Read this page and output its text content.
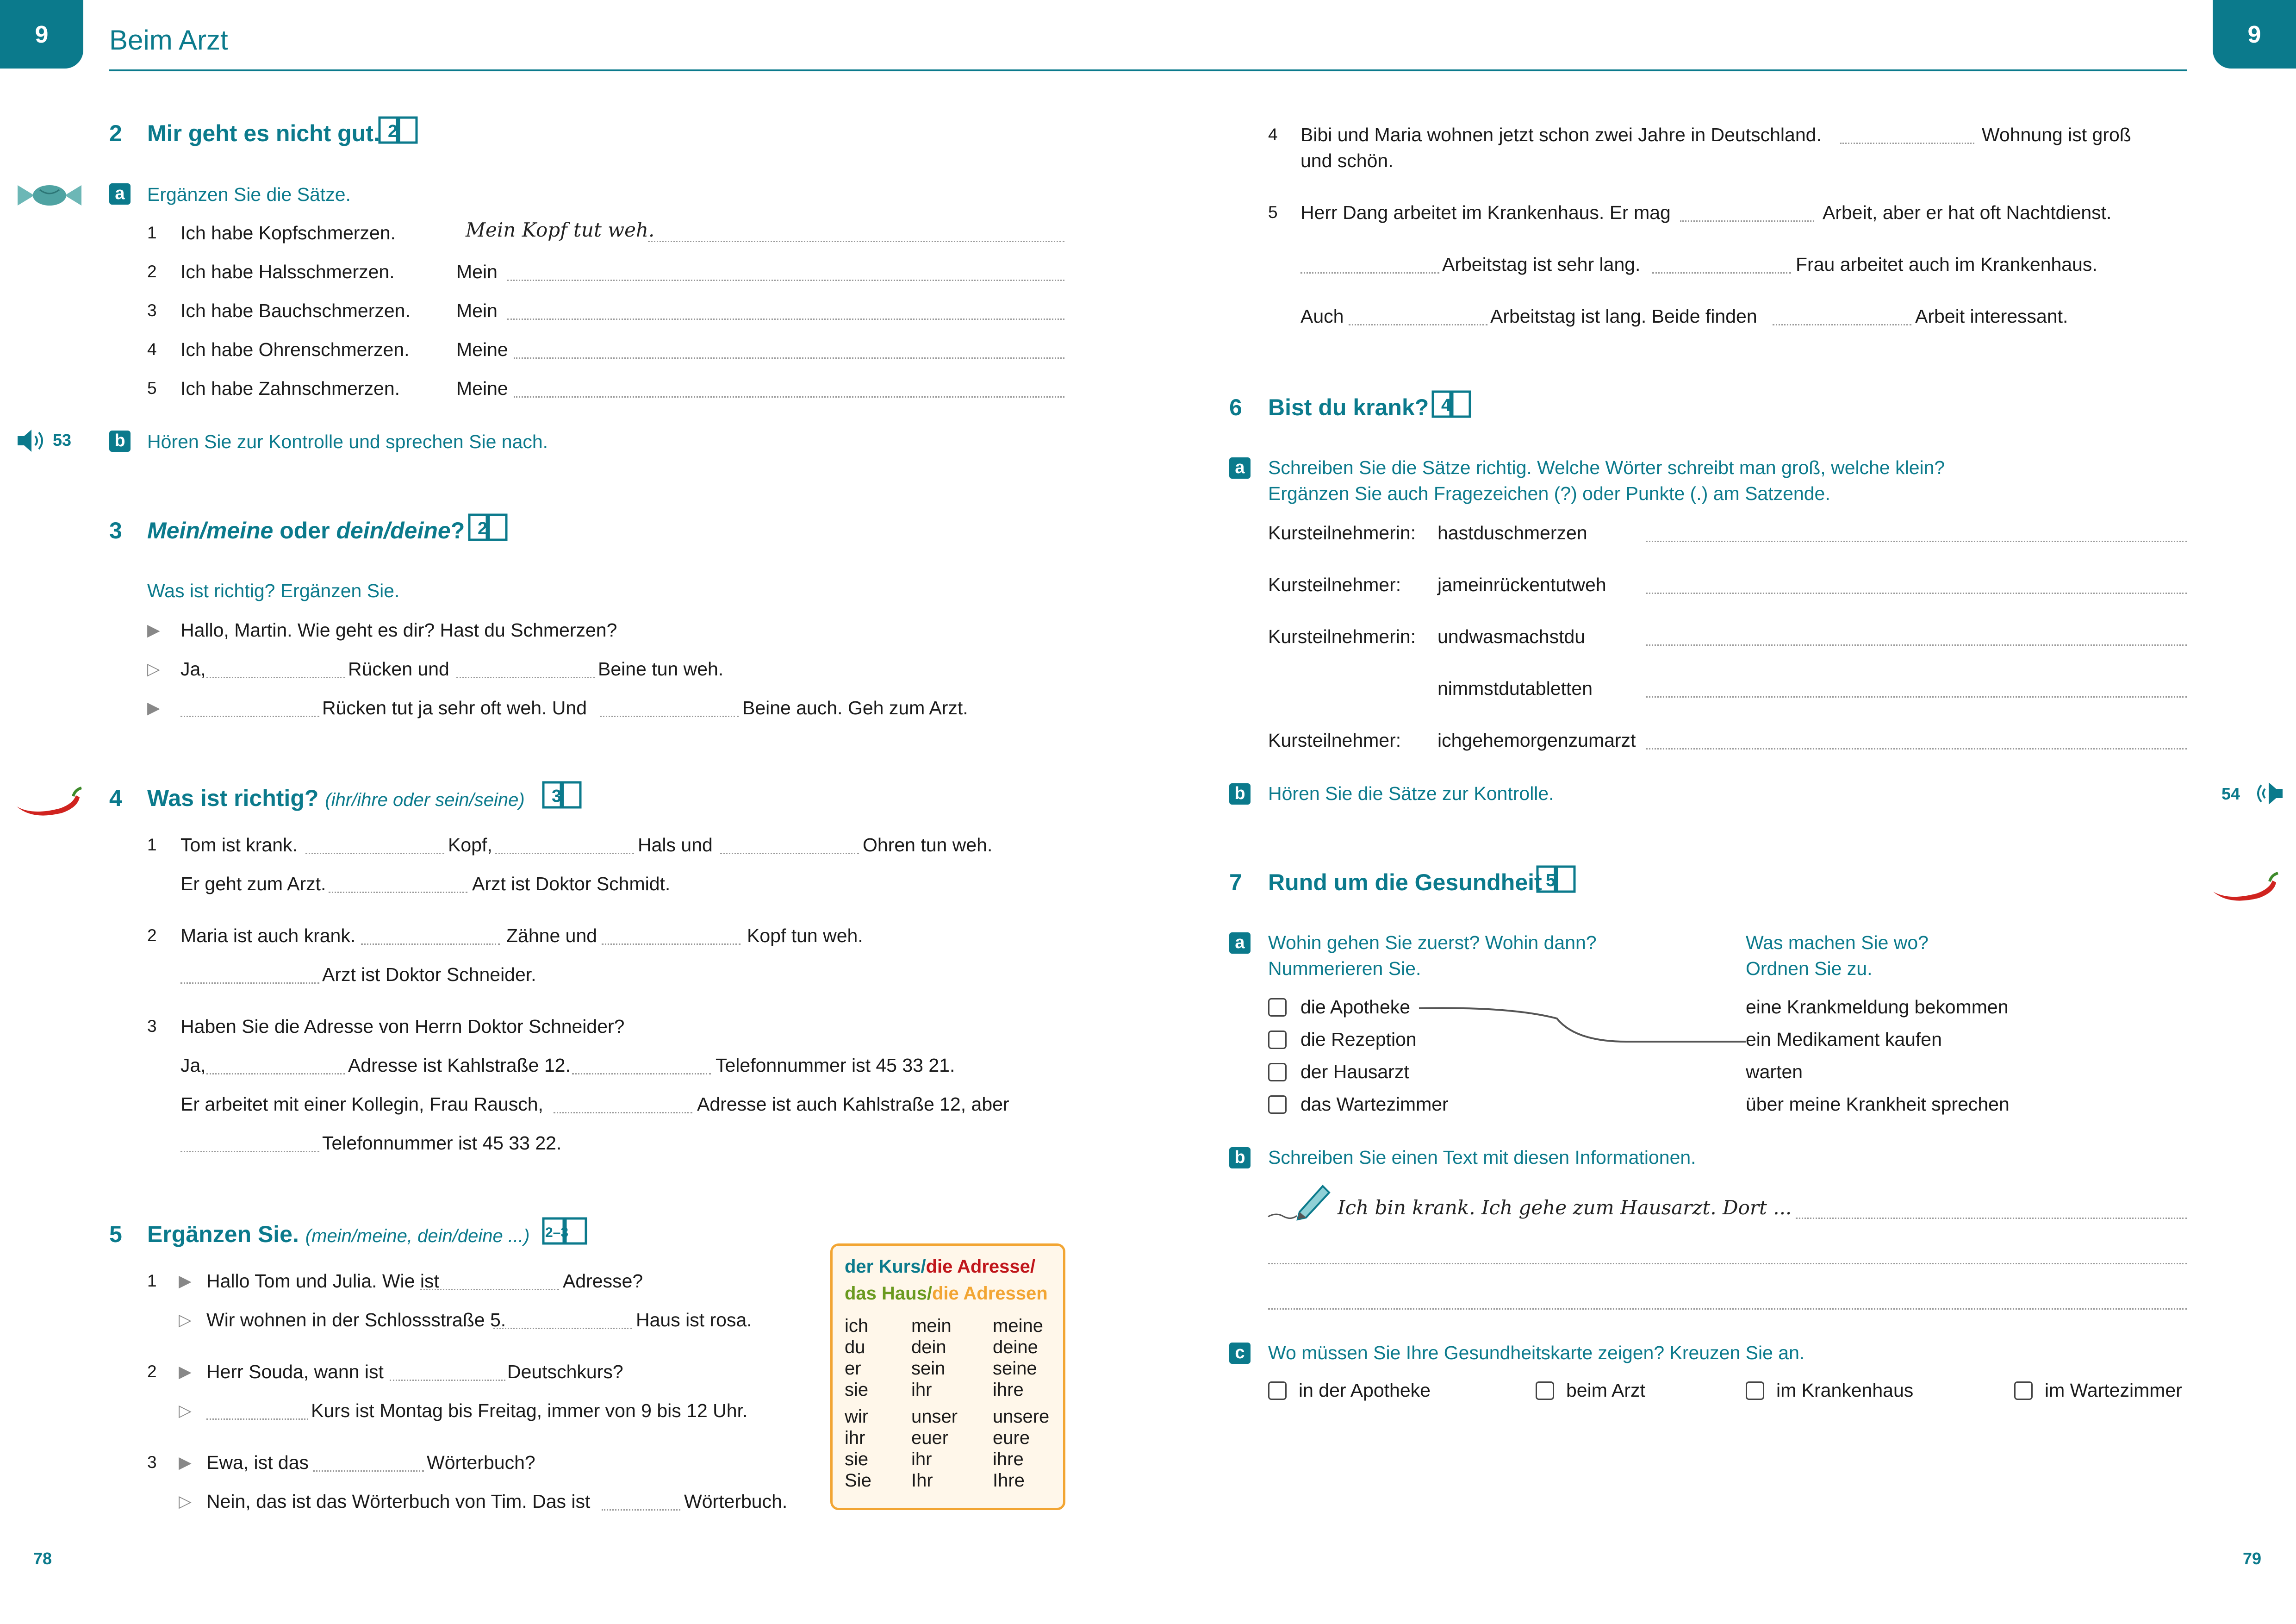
9	9
Beim Arzt
2 Mir geht es nicht gut. 2
a	Ergänzen Sie die Sätze.
1 Ich habe Kopfschmerzen.	Mein Kopf tut weh.
2 Ich habe Halsschmerzen.	Mein
3 Ich habe Bauchschmerzen. Mein
4 Ich habe Ohrenschmerzen. Meine
5 Ich habe Zahnschmerzen.	Meine
53 b Hören Sie zur Kontrolle und sprechen Sie nach.
3 Mein/meine oder dein/deine? 2
Was ist richtig? Ergänzen Sie.
▶ Hallo, Martin. Wie geht es dir? Hast du Schmerzen?
▷ Ja,	Rücken und	Beine tun weh.
▶	Rücken tut ja sehr oft weh. Und	Beine auch. Geh zum Arzt.
4 Was ist richtig? (ihr/ihre oder sein/seine) 3
1 Tom ist krank.	Kopf,	Hals und	Ohren tun weh.
Er geht zum Arzt.	Arzt ist Doktor Schmidt.
2 Maria ist auch krank.	Zähne und	Kopf tun weh.
Arzt ist Doktor Schneider.
3 Haben Sie die Adresse von Herrn Doktor Schneider?
Ja,	Adresse ist Kahlstraße 12.	Telefonnummer ist 45 33 21.
Er arbeitet mit einer Kollegin, Frau Rausch,	Adresse ist auch Kahlstraße 12, aber
Telefonnummer ist 45 33 22.
5 Ergänzen Sie. (mein/meine, dein/deine ...) 2–3
1 ▶ Hallo Tom und Julia. Wie ist	Adresse?
▷ Wir wohnen in der Schlossstraße 5.	Haus ist rosa.
2 ▶ Herr Souda, wann ist	Deutschkurs?
▷	Kurs ist Montag bis Freitag, immer von 9 bis 12 Uhr.
3 ▶ Ewa, ist das	Wörterbuch?
▷ Nein, das ist das Wörterbuch von Tim. Das ist	Wörterbuch.
der Kurs/die Adresse/
das Haus/die Adressen
ich mein meine
du dein	deine
er	sein	seine
sie ihr	ihre
wir unser unsere
ihr euer eure
sie ihr	ihre
Sie Ihr	Ihre
78
4 Bibi und Maria wohnen jetzt schon zwei Jahre in Deutschland.	Wohnung ist groß
und schön.
5 Herr Dang arbeitet im Krankenhaus. Er mag	Arbeit, aber er hat oft Nachtdienst.
Arbeitstag ist sehr lang.	Frau arbeitet auch im Krankenhaus.
Auch	Arbeitstag ist lang. Beide finden	Arbeit interessant.
6 Bist du krank? 4
a	Schreiben Sie die Sätze richtig. Welche Wörter schreibt man groß, welche klein?
Ergänzen Sie auch Fragezeichen (?) oder Punkte (.) am Satzende.
Kursteilnehmerin: hastduschmerzen
Kursteilnehmer: jameinrückentutweh
Kursteilnehmerin: undwasmachstdu
nimmstdutabletten
Kursteilnehmer: ichgehemorgenzumarzt
b Hören Sie die Sätze zur Kontrolle.	54
7 Rund um die Gesundheit 5
a	Wohin gehen Sie zuerst? Wohin dann?
Nummerieren Sie.
Was machen Sie wo?
Ordnen Sie zu.
die Apotheke	eine Krankmeldung bekommen
die Rezeption	ein Medikament kaufen
der Hausarzt	warten
das Wartezimmer	über meine Krankheit sprechen
b Schreiben Sie einen Text mit diesen Informationen.
Ich bin krank. Ich gehe zum Hausarzt. Dort ...
c	Wo müssen Sie Ihre Gesundheitskarte zeigen? Kreuzen Sie an.
in der Apotheke	beim Arzt	im Krankenhaus	im Wartezimmer
79
